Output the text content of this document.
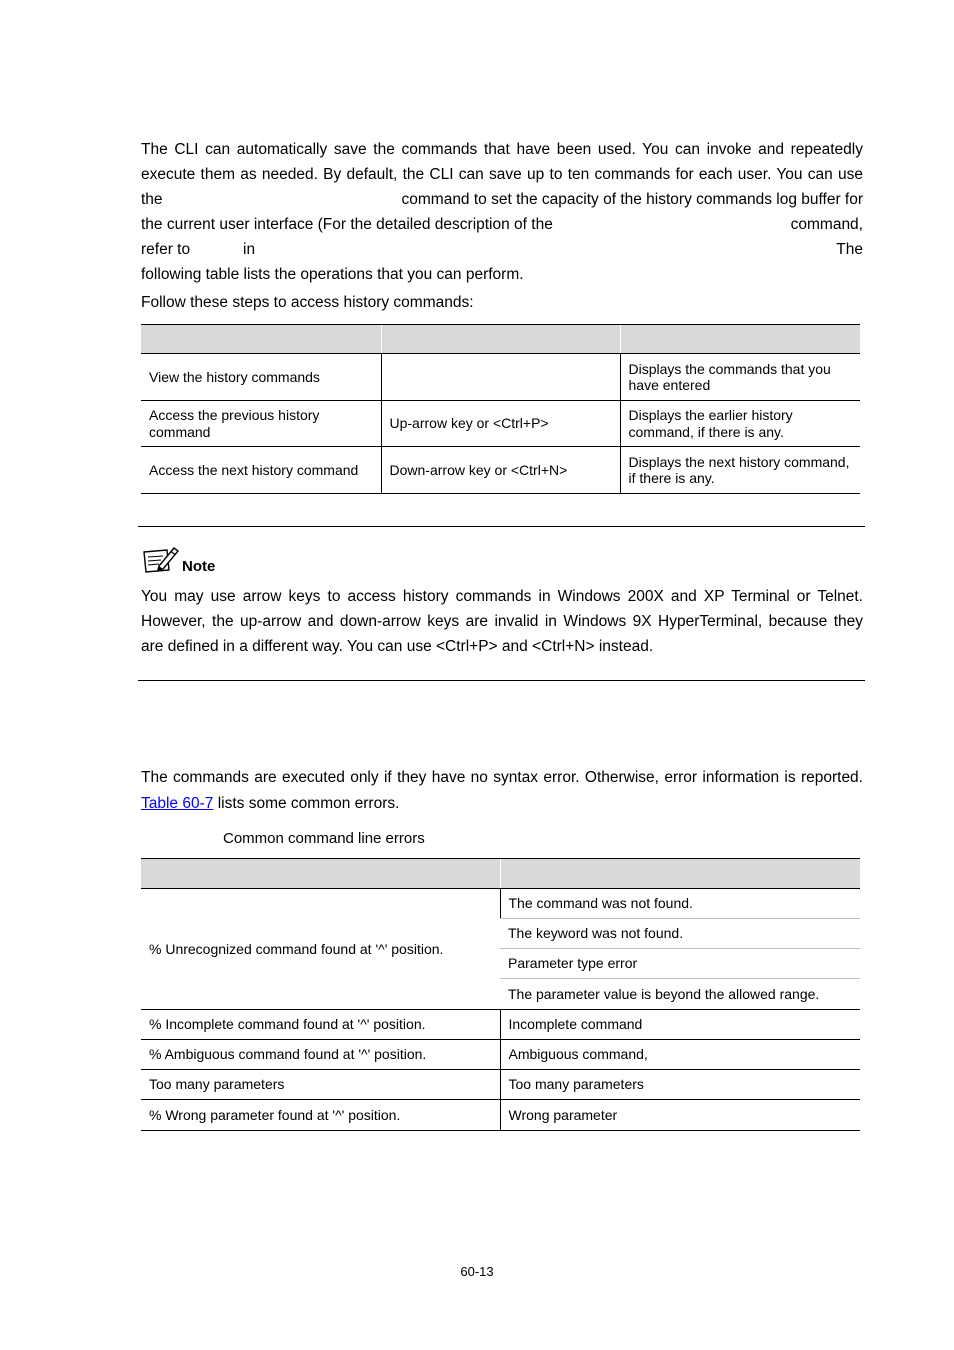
The CLI can automatically save the commands that have been used. You can invoke and repeatedly
execute them as needed. By default, the CLI can save up to ten commands for each user. You can use
the	command to set the capacity of the history commands log buffer for
the current user interface (For the detailed description of the	command,
refer to	in	The
following table lists the operations that you can perform.
Follow these steps to access history commands:

View the history commands		Displays the commands that you have entered
Access the previous history command	Up-arrow key or <Ctrl+P>	Displays the earlier history command, if there is any.
Access the next history command	Down-arrow key or <Ctrl+N>	Displays the next history command, if there is any.
Note
You may use arrow keys to access history commands in Windows 200X and XP Terminal or Telnet.
However, the up-arrow and down-arrow keys are invalid in Windows 9X HyperTerminal, because they
are defined in a different way. You can use <Ctrl+P> and <Ctrl+N> instead.
The commands are executed only if they have no syntax error. Otherwise, error information is reported.
Table 60-7 lists some common errors.
Common command line errors

% Unrecognized command found at '^' position.	The command was not found.
	The keyword was not found.
	Parameter type error
	The parameter value is beyond the allowed range.
% Incomplete command found at '^' position.	Incomplete command
% Ambiguous command found at '^' position.	Ambiguous command,
Too many parameters	Too many parameters
% Wrong parameter found at '^' position.	Wrong parameter
60-13
